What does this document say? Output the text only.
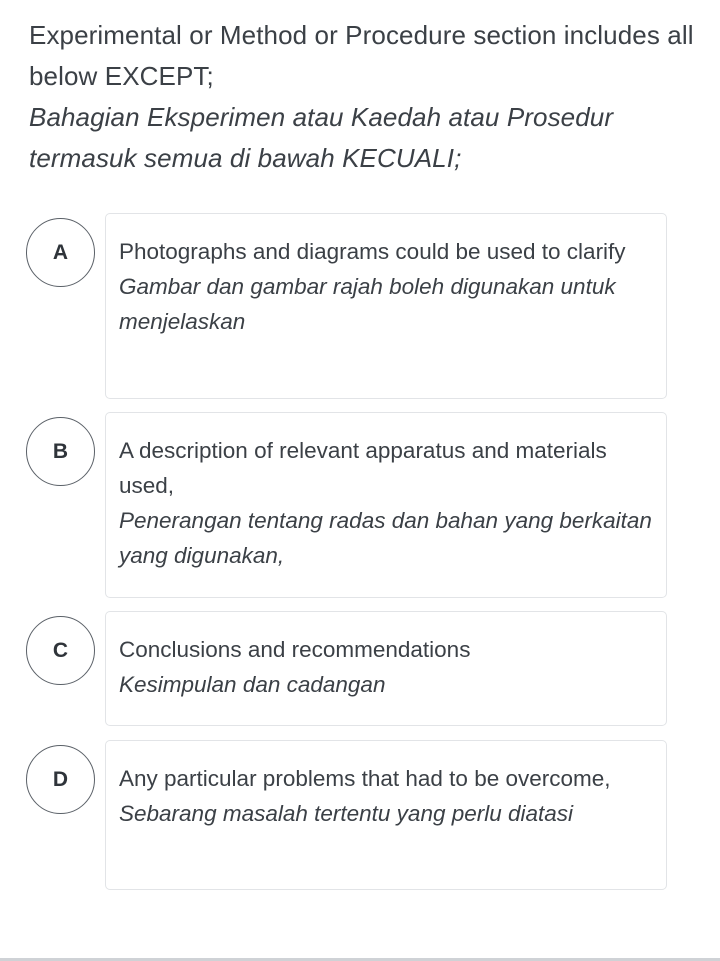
Experimental or Method or Procedure section includes all below EXCEPT;
Bahagian Eksperimen atau Kaedah atau Prosedur termasuk semua di bawah KECUALI;
A	Photographs and diagrams could be used to clarify
Gambar dan gambar rajah boleh digunakan untuk menjelaskan
B	A description of relevant apparatus and materials used,
Penerangan tentang radas dan bahan yang berkaitan yang digunakan,
C	Conclusions and recommendations
Kesimpulan dan cadangan
D	Any particular problems that had to be overcome,
Sebarang masalah tertentu yang perlu diatasi
